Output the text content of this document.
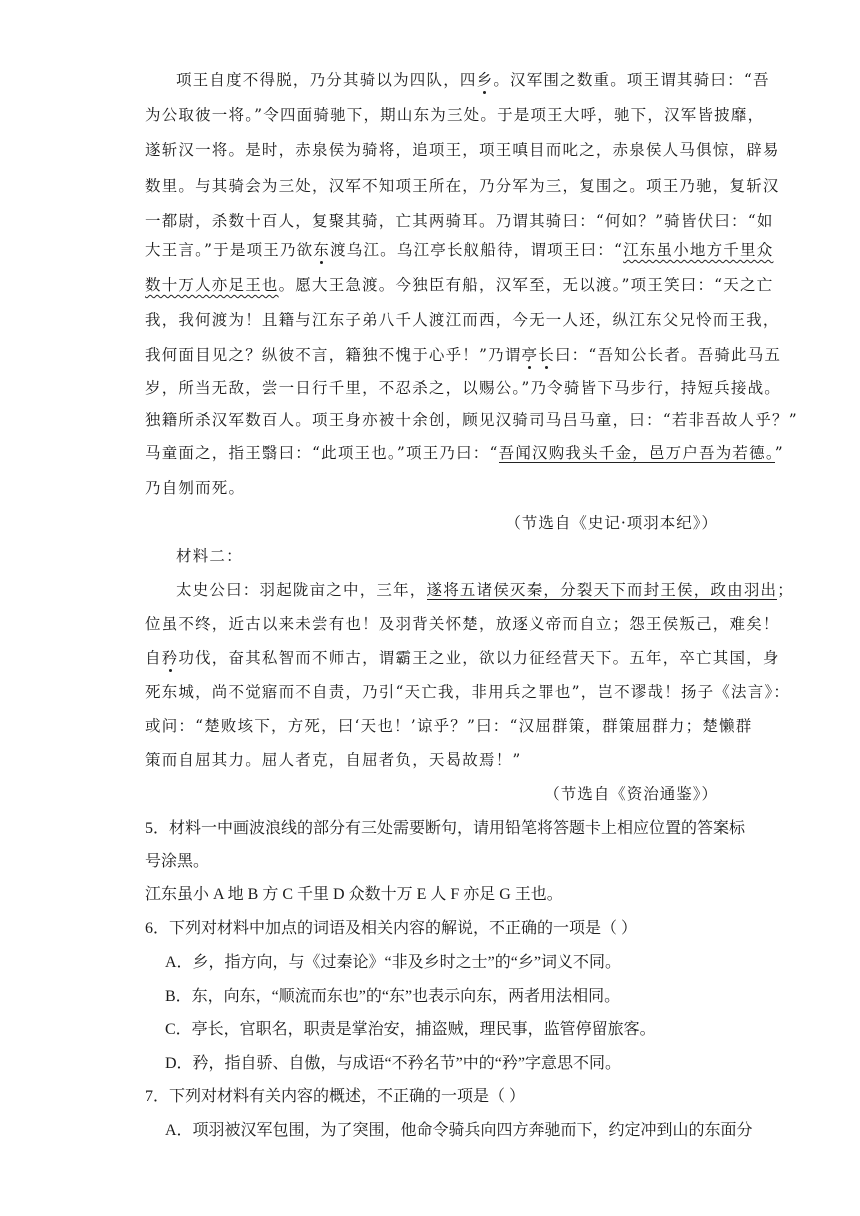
项王自度不得脱，乃分其骑以为四队，四乡。汉军围之数重。项王谓其骑曰：“吾
为公取彼一将。”令四面骑驰下，期山东为三处。于是项王大呼，驰下，汉军皆披靡，
遂斩汉一将。是时，赤泉侯为骑将，追项王，项王嗔目而叱之，赤泉侯人马俱惊，辟易
数里。与其骑会为三处，汉军不知项王所在，乃分军为三，复围之。项王乃驰，复斩汉
一都尉，杀数十百人，复聚其骑，亡其两骑耳。乃谓其骑曰：“何如？”骑皆伏曰：“如
大王言。”于是项王乃欲东渡乌江。乌江亭长舣船待，谓项王曰：“江东虽小地方千里众
数十万人亦足王也。愿大王急渡。今独臣有船，汉军至，无以渡。”项王笑曰：“天之亡
我，我何渡为！且籍与江东子弟八千人渡江而西，今无一人还，纵江东父兄怜而王我，
我何面目见之？纵彼不言，籍独不愧于心乎！”乃谓亭长曰：“吾知公长者。吾骑此马五
岁，所当无敌，尝一日行千里，不忍杀之，以赐公。”乃令骑皆下马步行，持短兵接战。
独籍所杀汉军数百人。项王身亦被十余创，顾见汉骑司马吕马童，曰：“若非吾故人乎？”
马童面之，指王翳曰：“此项王也。”项王乃曰：“吾闻汉购我头千金，邑万户吾为若德。”
乃自刎而死。
（节选自《史记·项羽本纪》）
材料二：
太史公曰：羽起陇亩之中，三年，遂将五诸侯灭秦，分裂天下而封王侯，政由羽出；
位虽不终，近古以来未尝有也！及羽背关怀楚，放逐义帝而自立；怨王侯叛己，难矣！
自矜功伐，奋其私智而不师古，谓霸王之业，欲以力征经营天下。五年，卒亡其国，身
死东城，尚不觉寤而不自责，乃引“天亡我，非用兵之罪也”，岂不谬哉！扬子《法言》：
或问：“楚败垓下，方死，曰‘天也！’谅乎？”曰：“汉屈群策，群策屈群力；楚懒群
策而自屈其力。屈人者克，自屈者负，天曷故焉！”
（节选自《资治通鉴》）
5．材料一中画波浪线的部分有三处需要断句，请用铅笔将答题卡上相应位置的答案标
号涂黑。
江东虽小 A 地 B 方 C 千里 D 众数十万 E 人 F 亦足 G 王也。
6．下列对材料中加点的词语及相关内容的解说，不正确的一项是（ ）
A．乡，指方向，与《过秦论》“非及乡时之士”的“乡”词义不同。
B．东，向东，“顺流而东也”的“东”也表示向东，两者用法相同。
C．亭长，官职名，职责是掌治安，捕盗贼，理民事，监管停留旅客。
D．矜，指自骄、自傲，与成语“不矜名节”中的“矜”字意思不同。
7．下列对材料有关内容的概述，不正确的一项是（ ）
A．项羽被汉军包围，为了突围，他命令骑兵向四方奔驰而下，约定冲到山的东面分
